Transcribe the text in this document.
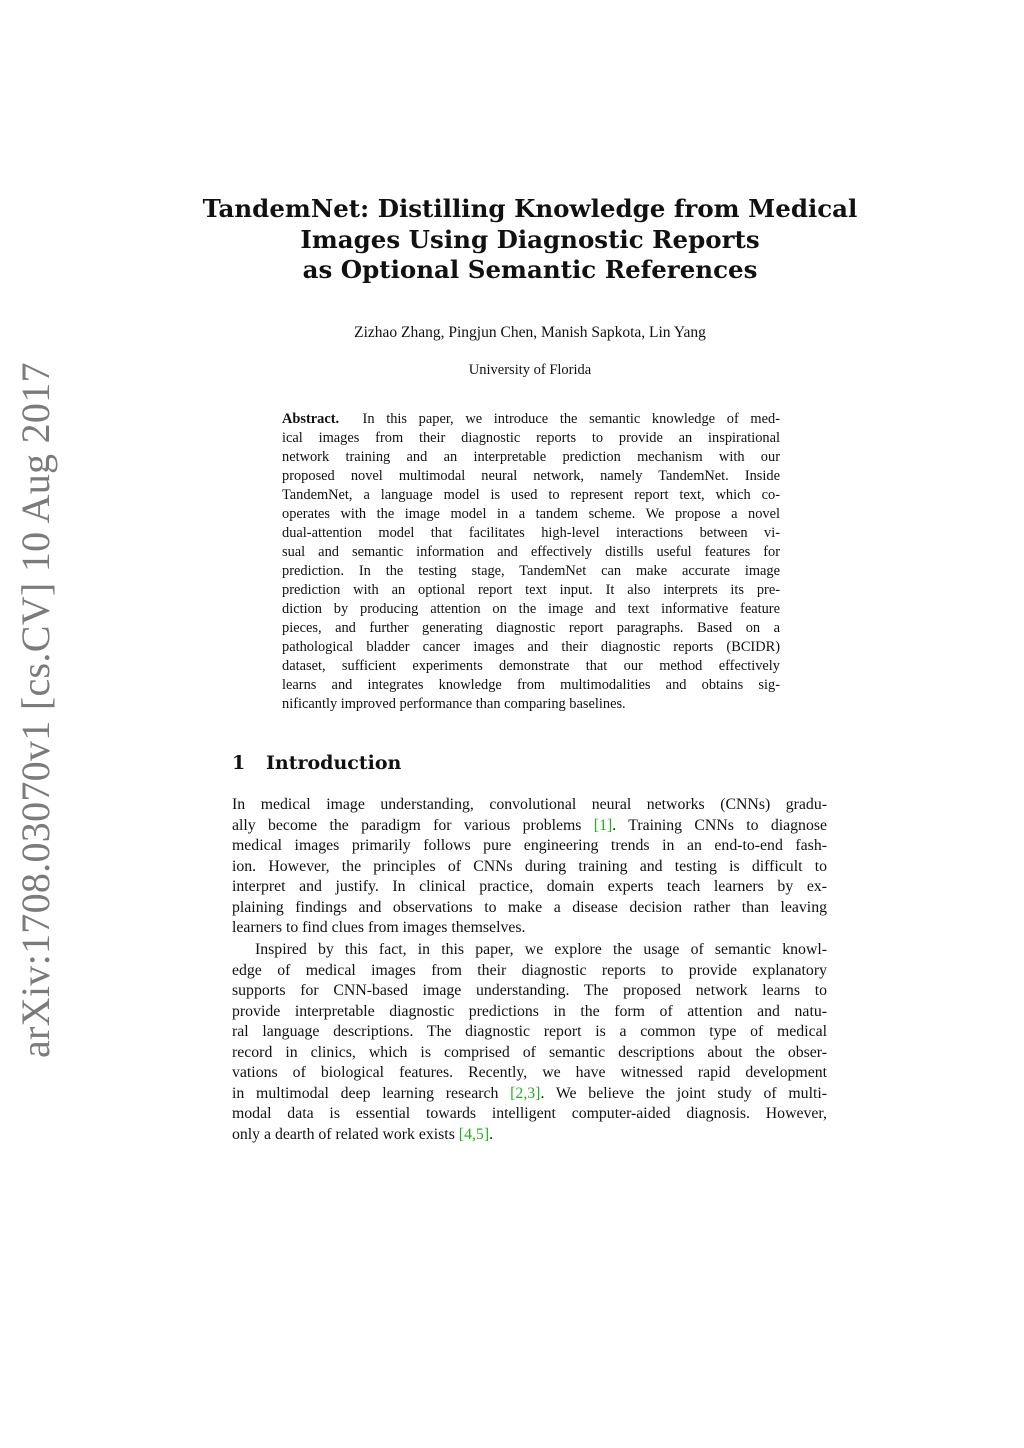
arXiv:1708.03070v1 [cs.CV] 10 Aug 2017
TandemNet: Distilling Knowledge from Medical
Images Using Diagnostic Reports
as Optional Semantic References
Zizhao Zhang, Pingjun Chen, Manish Sapkota, Lin Yang
University of Florida
Abstract. In this paper, we introduce the semantic knowledge of med-
ical images from their diagnostic reports to provide an inspirational
network training and an interpretable prediction mechanism with our
proposed novel multimodal neural network, namely TandemNet. Inside
TandemNet, a language model is used to represent report text, which co-
operates with the image model in a tandem scheme. We propose a novel
dual-attention model that facilitates high-level interactions between vi-
sual and semantic information and effectively distills useful features for
prediction. In the testing stage, TandemNet can make accurate image
prediction with an optional report text input. It also interprets its pre-
diction by producing attention on the image and text informative feature
pieces, and further generating diagnostic report paragraphs. Based on a
pathological bladder cancer images and their diagnostic reports (BCIDR)
dataset, sufficient experiments demonstrate that our method effectively
learns and integrates knowledge from multimodalities and obtains sig-
nificantly improved performance than comparing baselines.
1 Introduction
In medical image understanding, convolutional neural networks (CNNs) gradu-
ally become the paradigm for various problems [1]. Training CNNs to diagnose
medical images primarily follows pure engineering trends in an end-to-end fash-
ion. However, the principles of CNNs during training and testing is difficult to
interpret and justify. In clinical practice, domain experts teach learners by ex-
plaining findings and observations to make a disease decision rather than leaving
learners to find clues from images themselves.
Inspired by this fact, in this paper, we explore the usage of semantic knowl-
edge of medical images from their diagnostic reports to provide explanatory
supports for CNN-based image understanding. The proposed network learns to
provide interpretable diagnostic predictions in the form of attention and natu-
ral language descriptions. The diagnostic report is a common type of medical
record in clinics, which is comprised of semantic descriptions about the obser-
vations of biological features. Recently, we have witnessed rapid development
in multimodal deep learning research [2,3]. We believe the joint study of multi-
modal data is essential towards intelligent computer-aided diagnosis. However,
only a dearth of related work exists [4,5].
